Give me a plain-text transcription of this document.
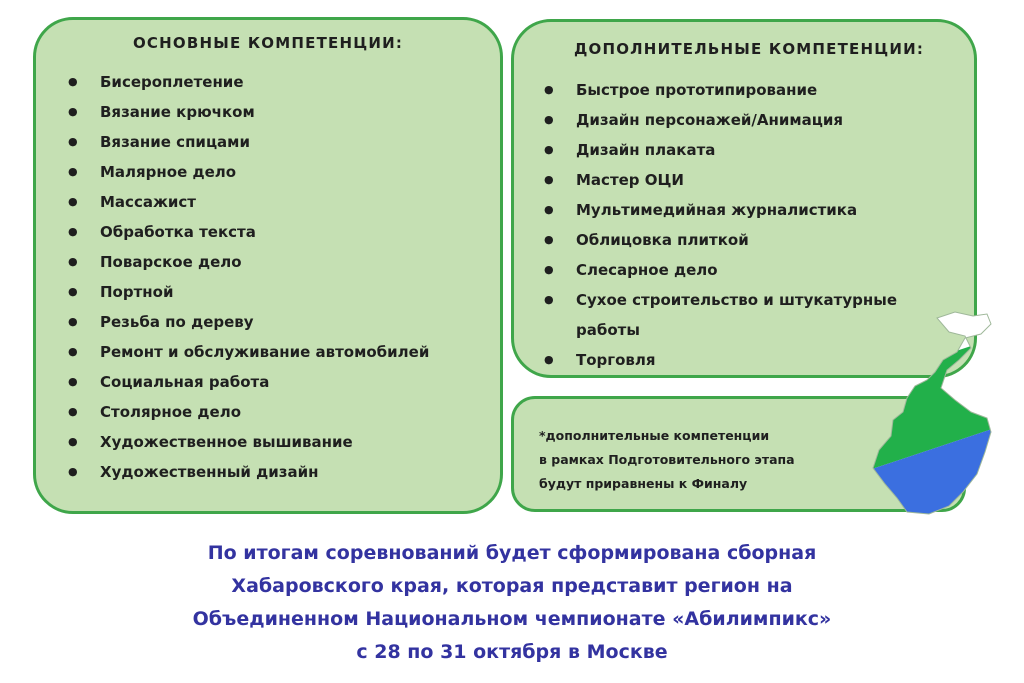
ОСНОВНЫЕ КОМПЕТЕНЦИИ:
● Бисероплетение
● Вязание крючком
● Вязание спицами
● Малярное дело
● Массажист
● Обработка текста
● Поварское дело
● Портной
● Резьба по дереву
● Ремонт и обслуживание автомобилей
● Социальная работа
● Столярное дело
● Художественное вышивание
● Художественный дизайн
ДОПОЛНИТЕЛЬНЫЕ КОМПЕТЕНЦИИ:
● Быстрое прототипирование
● Дизайн персонажей/Анимация
● Дизайн плаката
● Мастер ОЦИ
● Мультимедийная журналистика
● Облицовка плиткой
● Слесарное дело
● Сухое строительство и штукатурные работы
● Торговля
*дополнительные компетенции
в рамках Подготовительного этапа
будут приравнены к Финалу
По итогам соревнований будет сформирована сборная
Хабаровского края, которая представит регион на
Объединенном Национальном чемпионате «Абилимпикс»
с 28 по 31 октября в Москве
